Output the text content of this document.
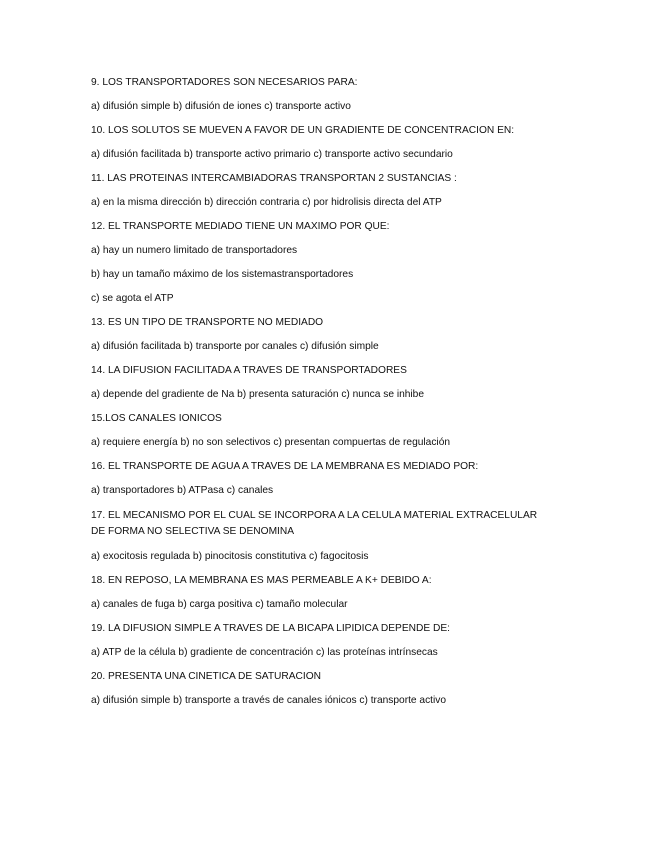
9. LOS TRANSPORTADORES SON NECESARIOS PARA:
a) difusión simple b) difusión de iones c) transporte activo
10. LOS SOLUTOS SE MUEVEN A FAVOR DE UN GRADIENTE DE CONCENTRACION EN:
a) difusión facilitada b) transporte activo primario c) transporte activo secundario
11. LAS PROTEINAS INTERCAMBIADORAS TRANSPORTAN 2 SUSTANCIAS :
a) en la misma dirección b) dirección contraria c) por hidrolisis directa del ATP
12. EL TRANSPORTE MEDIADO TIENE UN MAXIMO POR QUE:
a) hay un numero limitado de transportadores
b) hay un tamaño máximo de los sistemastransportadores
c) se agota el ATP
13. ES UN TIPO DE TRANSPORTE NO MEDIADO
a) difusión facilitada b) transporte por canales c) difusión simple
14. LA DIFUSION FACILITADA A TRAVES DE TRANSPORTADORES
a) depende del gradiente de Na b) presenta saturación c) nunca se inhibe
15.LOS CANALES IONICOS
a) requiere energía b) no son selectivos c) presentan compuertas de regulación
16. EL TRANSPORTE DE AGUA A TRAVES DE LA MEMBRANA ES MEDIADO POR:
a) transportadores b) ATPasa c) canales
17. EL MECANISMO POR EL CUAL SE INCORPORA A LA CELULA MATERIAL EXTRACELULAR DE FORMA NO SELECTIVA SE DENOMINA
a) exocitosis regulada b) pinocitosis constitutiva c) fagocitosis
18. EN REPOSO, LA MEMBRANA ES MAS PERMEABLE A K+ DEBIDO A:
a) canales de fuga b) carga positiva c) tamaño molecular
19. LA DIFUSION SIMPLE A TRAVES DE LA BICAPA LIPIDICA DEPENDE DE:
a) ATP de la célula b) gradiente de concentración c) las proteínas intrínsecas
20. PRESENTA UNA CINETICA DE SATURACION
a) difusión simple b) transporte a través de canales iónicos c) transporte activo
